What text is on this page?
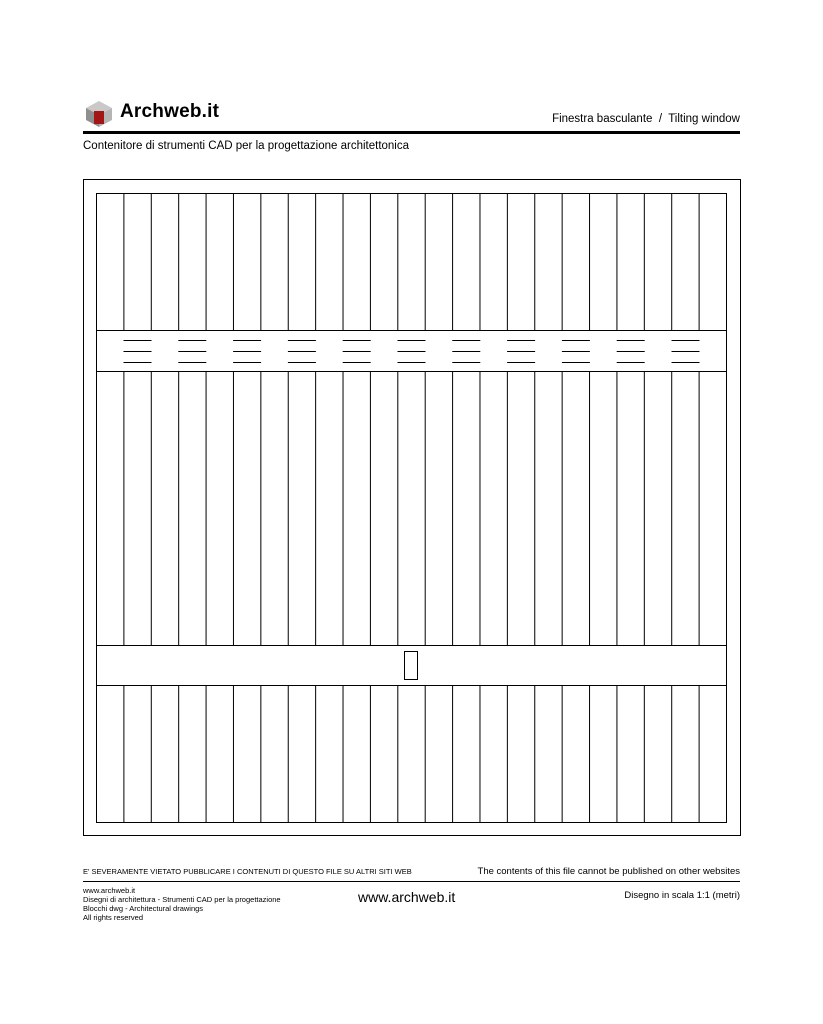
Archweb.it	Finestra basculante  /  Tilting window
Contenitore di strumenti CAD per la progettazione architettonica
E' SEVERAMENTE VIETATO PUBBLICARE I CONTENUTI DI QUESTO FILE SU ALTRI SITI WEB	The contents of this file cannot be published on other websites
www.archweb.it
Disegni di architettura - Strumenti CAD per la progettazione
Blocchi dwg - Architectural drawings
All rights reserved
www.archweb.it	Disegno in scala 1:1 (metri)
